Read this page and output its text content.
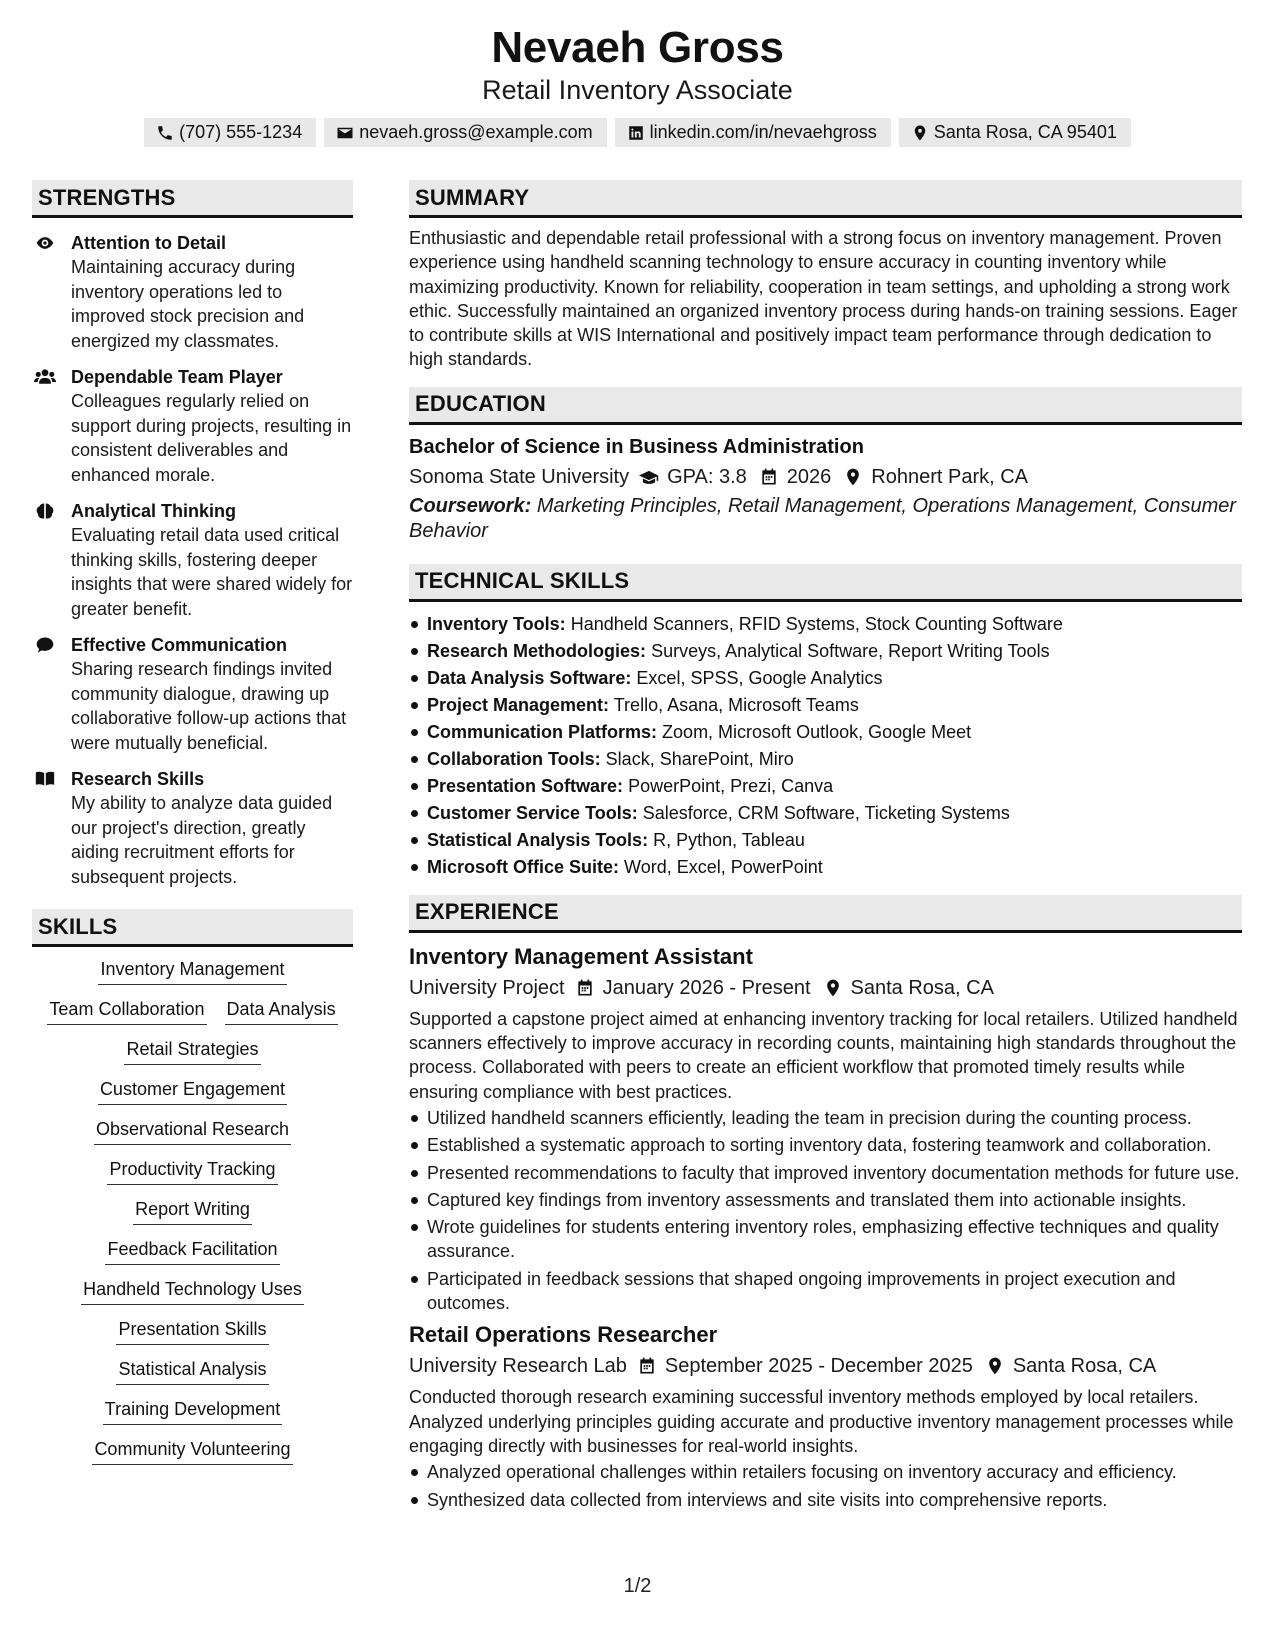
Nevaeh Gross
Retail Inventory Associate
(707) 555-1234	nevaeh.gross@example.com	linkedin.com/in/nevaehgross	Santa Rosa, CA 95401
STRENGTHS
Attention to Detail
Maintaining accuracy during inventory operations led to improved stock precision and energized my classmates.
Dependable Team Player
Colleagues regularly relied on support during projects, resulting in consistent deliverables and enhanced morale.
Analytical Thinking
Evaluating retail data used critical thinking skills, fostering deeper insights that were shared widely for greater benefit.
Effective Communication
Sharing research findings invited community dialogue, drawing up collaborative follow-up actions that were mutually beneficial.
Research Skills
My ability to analyze data guided our project's direction, greatly aiding recruitment efforts for subsequent projects.
SKILLS
Inventory Management
Team Collaboration Data Analysis
Retail Strategies
Customer Engagement
Observational Research
Productivity Tracking
Report Writing
Feedback Facilitation
Handheld Technology Uses
Presentation Skills
Statistical Analysis
Training Development
Community Volunteering
SUMMARY
Enthusiastic and dependable retail professional with a strong focus on inventory management. Proven experience using handheld scanning technology to ensure accuracy in counting inventory while maximizing productivity. Known for reliability, cooperation in team settings, and upholding a strong work ethic. Successfully maintained an organized inventory process during hands-on training sessions. Eager to contribute skills at WIS International and positively impact team performance through dedication to high standards.
EDUCATION
Bachelor of Science in Business Administration
Sonoma State University GPA: 3.8 2026 Rohnert Park, CA
Coursework: Marketing Principles, Retail Management, Operations Management, Consumer Behavior
TECHNICAL SKILLS
Inventory Tools: Handheld Scanners, RFID Systems, Stock Counting Software
Research Methodologies: Surveys, Analytical Software, Report Writing Tools
Data Analysis Software: Excel, SPSS, Google Analytics
Project Management: Trello, Asana, Microsoft Teams
Communication Platforms: Zoom, Microsoft Outlook, Google Meet
Collaboration Tools: Slack, SharePoint, Miro
Presentation Software: PowerPoint, Prezi, Canva
Customer Service Tools: Salesforce, CRM Software, Ticketing Systems
Statistical Analysis Tools: R, Python, Tableau
Microsoft Office Suite: Word, Excel, PowerPoint
EXPERIENCE
Inventory Management Assistant
University Project January 2026 - Present Santa Rosa, CA
Supported a capstone project aimed at enhancing inventory tracking for local retailers. Utilized handheld scanners effectively to improve accuracy in recording counts, maintaining high standards throughout the process. Collaborated with peers to create an efficient workflow that promoted timely results while ensuring compliance with best practices.
Utilized handheld scanners efficiently, leading the team in precision during the counting process.
Established a systematic approach to sorting inventory data, fostering teamwork and collaboration.
Presented recommendations to faculty that improved inventory documentation methods for future use.
Captured key findings from inventory assessments and translated them into actionable insights.
Wrote guidelines for students entering inventory roles, emphasizing effective techniques and quality assurance.
Participated in feedback sessions that shaped ongoing improvements in project execution and outcomes.
Retail Operations Researcher
University Research Lab September 2025 - December 2025 Santa Rosa, CA
Conducted thorough research examining successful inventory methods employed by local retailers. Analyzed underlying principles guiding accurate and productive inventory management processes while engaging directly with businesses for real-world insights.
Analyzed operational challenges within retailers focusing on inventory accuracy and efficiency.
Synthesized data collected from interviews and site visits into comprehensive reports.
1/2
